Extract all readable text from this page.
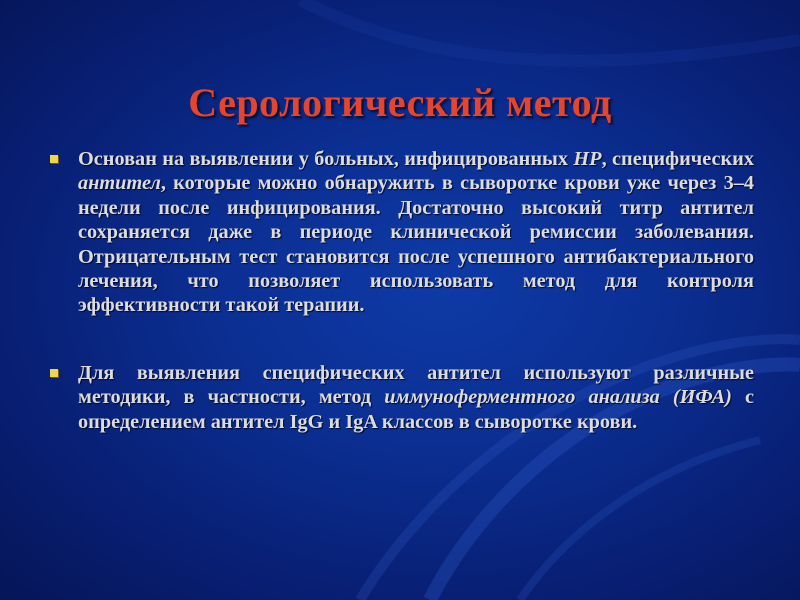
Серологический метод
Основан на выявлении у больных, инфицированных HP, специфических антител, которые можно обнаружить в сыворотке крови уже через 3–4 недели после инфицирования. Достаточно высокий титр антител сохраняется даже в периоде клинической ремиссии заболевания. Отрицательным тест становится после успешного антибактериального лечения, что позволяет использовать метод для контроля эффективности такой терапии.
Для выявления специфических антител используют различные методики, в частности, метод иммуноферментного анализа (ИФА) с определением антител IgG и IgA классов в сыворотке крови.
